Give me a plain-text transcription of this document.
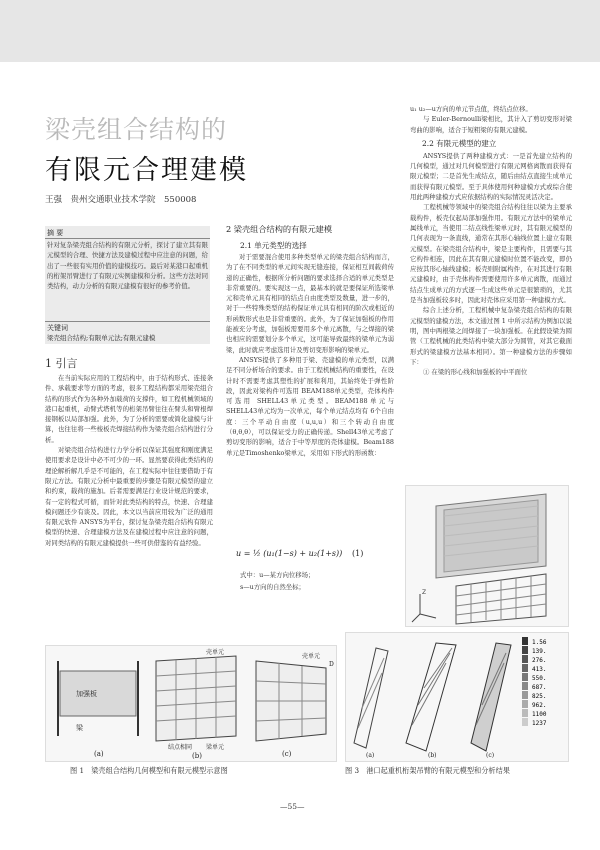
梁壳组合结构的
有限元合理建模
王强　贵州交通职业技术学院　550008
摘 要

针对复杂梁壳组合结构的有限元分析，探讨了建立其有限元模型的合理、快捷方法及建模过程中应注意的问题，给出了一些很有实用价值的建模技巧。最后对某港口起重机的桁架吊臂进行了有限元实例建模和分析。这些方法对同类结构，动力分析的有限元建模有很好的参考价值。

关键词
梁壳组合结构;有限单元法;有限元建模
1 引言

在当前实际应用的工程结构中，由于结构形式、连接条件、承载要求等方面的考虑，很多工程结构都采用梁壳组合结构的形式作为各种外加载荷的支撑件，如工程机械领域的港口起重机，动臂式塔机等的桁架吊臂往往在臂头和臂根焊接钢板以局部加强。此外，为了分析的需要或简化建模与计算，也往往将一些梭板壳焊接结构作为梁壳组合结构进行分析。

对梁壳组合结构进行力学分析以保证其强度和刚度满足使用要求是设计中必不可少的一环。显然要获得此类结构的理论解析解几乎是不可能的，在工程实际中往往要借助于有限元方法。有限元分析中最重要的步骤是有限元模型的建立和约束，载荷的施加。后者需要满足行业设计规范的要求，有一定的程式可循，而针对此类结构的特点，快速、合理建模问题还少有谈及。因此，本文以当前应用较为广泛的通用有限元软件 ANSYS为平台，探讨复杂梁壳组合结构有限元模型的快速、合理建模方法及在建模过程中应注意的问题，对同类结构的有限元建模提供一些可供借鉴的有益经验。

2 梁壳组合结构的有限元建模
2.1 单元类型的选择

对于需要混合使用多种类型单元的梁壳组合结构而言，为了在不同类型的单元间实现无缝连接，保证相互间载荷传递的正确性，根据所分析问题的要求选择合适的单元类型是非常重要的。要实现这一点，最基本的就是要保证所选梁单元和壳单元具有相同的结点自由度类型及数量，进一步的，对于一些特殊类型的结构保证单元具有相同的阶次或相近的形函数形式也是非常重要的。此外，为了保证加强板的作用能被充分考虑，加强板需要用多个单元离散，与之焊接的梁也相应的需要划分多个单元，这可能导致最终的梁单元为弱梁，此时就应考虑选用计及剪切变形影响的梁单元。

ANSYS提供了多种用于梁、壳建模的单元类型，以满足不同分析场合的要求。由于工程机械结构的重要性，在设计时不需要考虑其塑性的扩展和利用，其始终处于弹性阶段，因此对梁构件可选用 BEAM188单元类型，壳体构件可选用 SHELL43单元类型。BEAM188单元与 SHELL43单元均为一次单元，每个单元结点均有 6个自由度：三个平动自由度（u,u,u）和三个转动自由度（θ,θ,θ），可以保证受力的正确传递。Shell43单元考虑了剪切变形的影响，适合于中等厚度的壳体建模。Beam188单元是Timoshenko梁单元，采用如下形式的形函数：

u = ½ (u₁(1−s) + u₂(1+s)) (1)
式中：u—某方向位移场；
s—u方向的自然坐标；

u₁ u₂—u方向的单元节点值，终结点位移。

与 Euler-Bernoulli梁相比，其计入了剪切变形对梁弯曲的影响，适合于短粗梁的有限元建模。

2.2 有限元模型的建立

ANSYS提供了两种建模方式：一是首先建立结构的几何模型，通过对几何模型进行有限元网格离散而获得有限元模型；二是首先生成结点，随后由结点直接生成单元而获得有限元模型。至于具体使用何种建模方式或综合使用此两种建模方式应依据结构的实际情况灵活决定。

工程机械等领域中的梁壳组合结构往往以梁为主要承载构件，板壳仅起局部加强作用。有限元方法中的梁单元属线单元，当使用二结点线性梁单元时，其有限元模型的几何表现为一条直线，通常在其形心轴线位置上建立有限元模型。在梁壳组合结构中，梁是主要构件，且需要与其它构件相连，因此在其有限元建模时位置不能改变，即仍应按其形心轴线建模；板壳则附属构件，在对其进行有限元建模时，由于壳体构件需要使用许多单元离散，而通过结点生成单元的方式逐一生成这些单元是很繁琐的，尤其是当加强板较多时，因此对壳体应采用第一种建模方式。

综合上述分析，工程机械中复杂梁壳组合结构的有限元模型的建模方法，本文通过图 1 中所示结构为例加以说明，图中两根梁之间焊接了一块加强板。在此假设梁为圆管（工程机械的此类结构中梁大部分为圆管，对其它截面形式的梁建模方法基本相同）。第一种建模方法的步骤如下：

① 在梁的形心线和加强板的中平面位

Z
加强板
梁
(a)
壳单元
结点相同 梁单元
(b)
壳单元
D
(c)
图 1　梁壳组合结构几何模型和有限元模型示意图
(a)	(b)	(c)
1.56
139.
276.
413.
550.
687.
825.
962.
1100
1237
图 3　港口起重机桁架吊臂的有限元模型和分析结果
—55—
